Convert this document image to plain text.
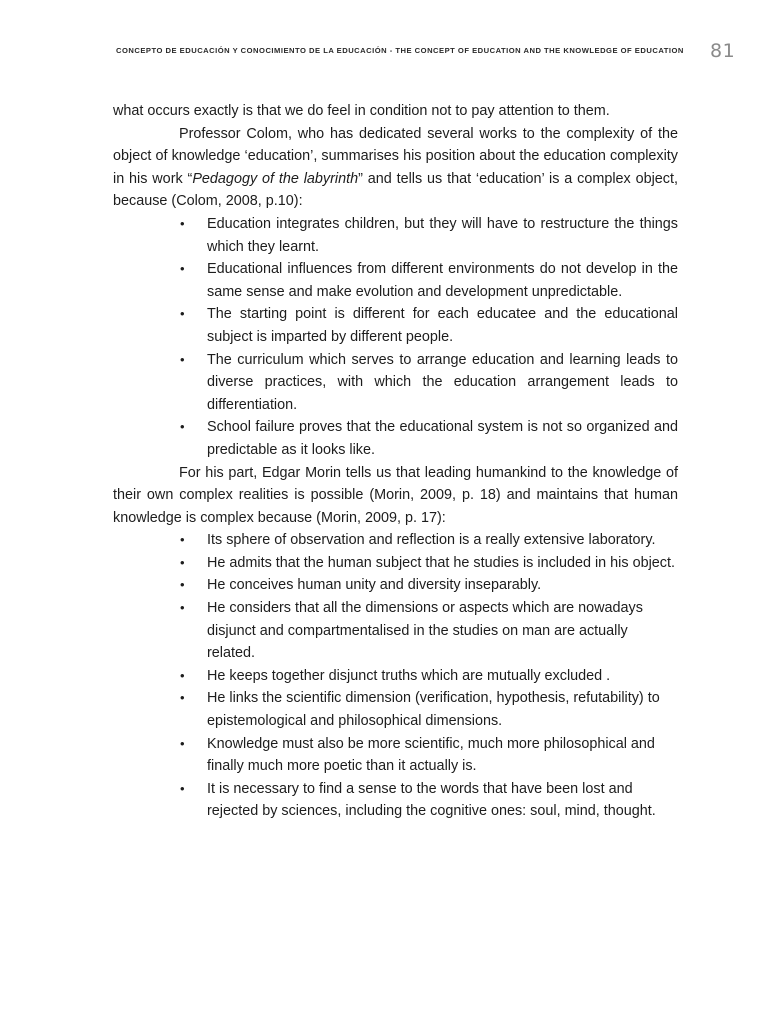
CONCEPTO DE EDUCACIÓN Y CONOCIMIENTO DE LA EDUCACIÓN - THE CONCEPT OF EDUCATION AND THE KNOWLEDGE OF EDUCATION 81

what occurs exactly is that we do feel in condition not to pay attention to them.

Professor Colom, who has dedicated several works to the complexity of the object of knowledge ‘education’, summarises his position about the education complexity in his work “Pedagogy of the labyrinth” and tells us that ‘education’ is a complex object, because (Colom, 2008, p.10):

• Education integrates children, but they will have to restructure the things which they learnt.
• Educational influences from different environments do not develop in the same sense and make evolution and development unpredictable.
• The starting point is different for each educatee and the educational subject is imparted by different people.
• The curriculum which serves to arrange education and learning leads to diverse practices, with which the education arrangement leads to differentiation.
• School failure proves that the educational system is not so organized and predictable as it looks like.

For his part, Edgar Morin tells us that leading humankind to the knowledge of their own complex realities is possible (Morin, 2009, p. 18) and maintains that human knowledge is complex because (Morin, 2009, p. 17):

• Its sphere of observation and reflection is a really extensive laboratory.
• He admits that the human subject that he studies is included in his object.
• He conceives human unity and diversity inseparably.
• He considers that all the dimensions or aspects which are nowadays disjunct and compartmentalised in the studies on man are actually related.
• He keeps together disjunct truths which are mutually excluded .
• He links the scientific dimension (verification, hypothesis, refutability) to epistemological and philosophical dimensions.
• Knowledge must also be more scientific, much more philosophical and finally much more poetic than it actually is.
• It is necessary to find a sense to the words that have been lost and rejected by sciences, including the cognitive ones: soul, mind, thought.
